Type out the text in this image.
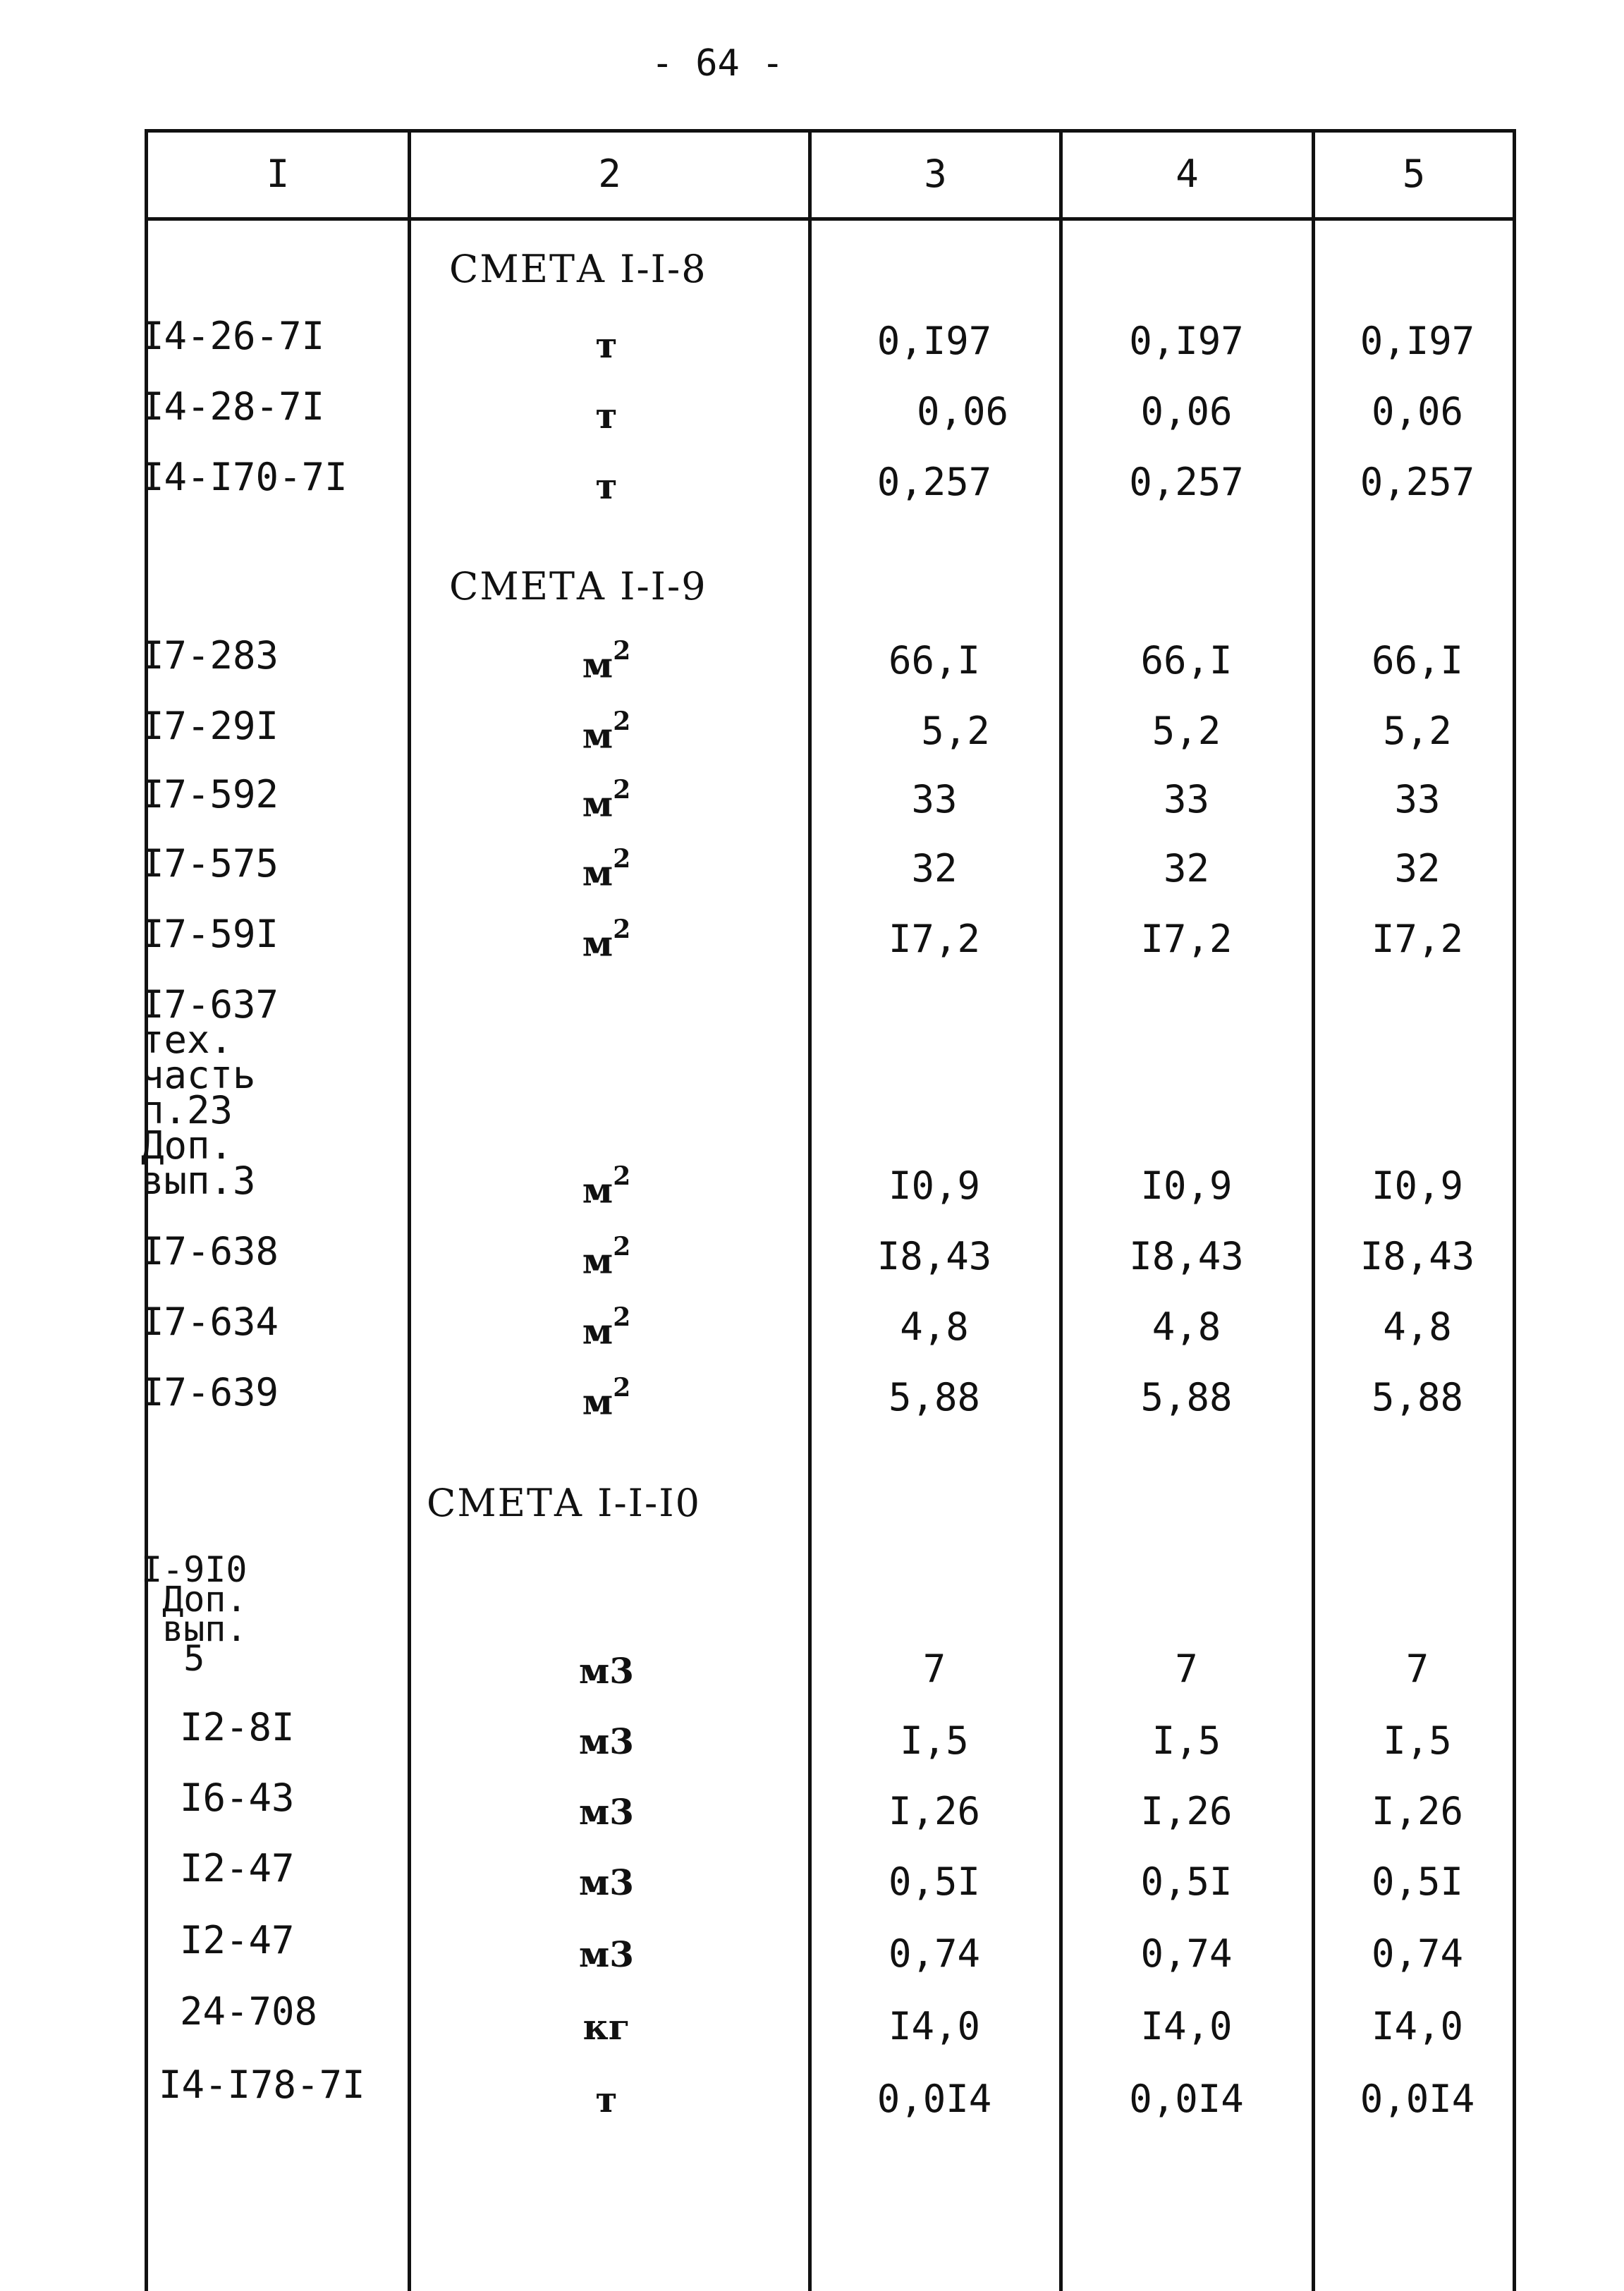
- 64 -
I	2	3	4	5
СМЕТА I-I-8
I4-26-7I	т	0,I97	0,I97	0,I97
I4-28-7I	т	0,06	0,06	0,06
I4-I70-7I	т	0,257	0,257	0,257
СМЕТА I-I-9
I7-283	$м^2$	66,I	66,I	66,I
I7-29I	$м^2$	5,2	5,2	5,2
I7-592	$м^2$	33	33	33
I7-575	$м^2$	32	32	32
I7-59I	$м^2$	I7,2	I7,2	I7,2
I7-637
тех.
часть
п.23
Доп.
вып.3	$м^2$	I0,9	I0,9	I0,9
I7-638	$м^2$	I8,43	I8,43	I8,43
I7-634	$м^2$	4,8	4,8	4,8
I7-639	$м^2$	5,88	5,88	5,88
СМЕТА I-I-I0
I-9I0
Доп.
вып.
5	м3	7	7	7
I2-8I	м3	I,5	I,5	I,5
I6-43	м3	I,26	I,26	I,26
I2-47	м3	0,5I	0,5I	0,5I
I2-47	м3	0,74	0,74	0,74
24-708	кг	I4,0	I4,0	I4,0
I4-I78-7I	т	0,0I4	0,0I4	0,0I4
